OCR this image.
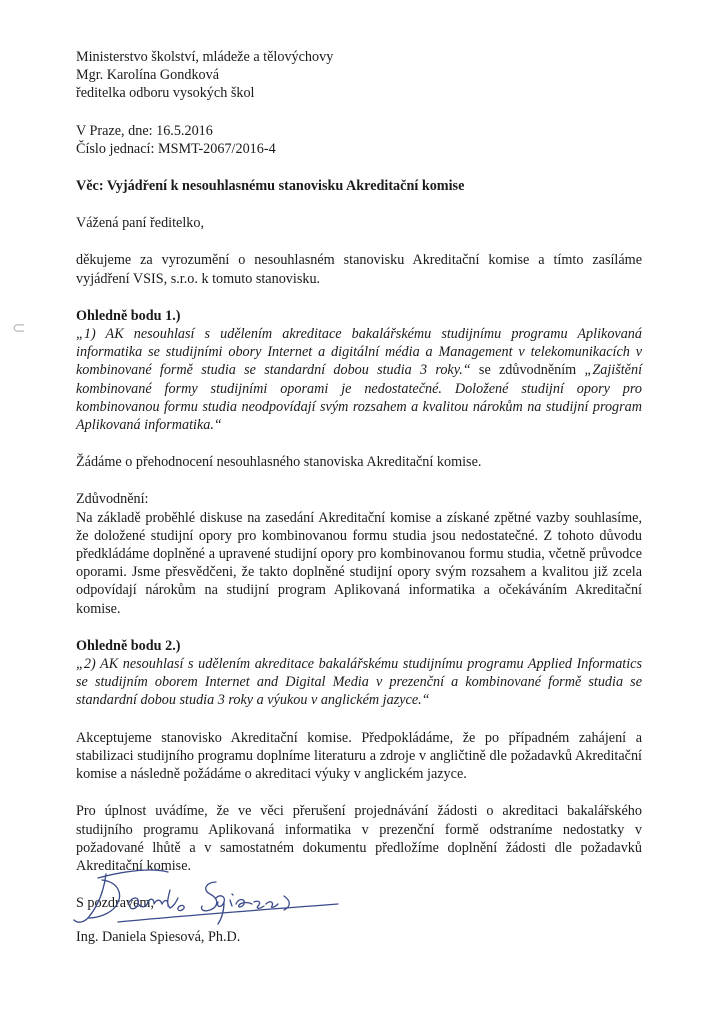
⊂
Ministerstvo školství, mládeže a tělovýchovy
Mgr. Karolína Gondková
ředitelka odboru vysokých škol
V Praze, dne: 16.5.2016
Číslo jednací: MSMT-2067/2016-4
Věc: Vyjádření k nesouhlasnému stanovisku Akreditační komise
Vážená paní ředitelko,

děkujeme za vyrozumění o nesouhlasném stanovisku Akreditační komise a tímto zasíláme vyjádření VSIS, s.r.o. k tomuto stanovisku.

Ohledně bodu 1.)

„1) AK nesouhlasí s udělením akreditace bakalářskému studijnímu programu Aplikovaná informatika se studijními obory Internet a digitální média a Management v telekomunikacích v kombinované formě studia se standardní dobou studia 3 roky.“ se zdůvodněním „Zajištění kombinované formy studijními oporami je nedostatečné. Doložené studijní opory pro kombinovanou formu studia neodpovídají svým rozsahem a kvalitou nárokům na studijní program Aplikovaná informatika.“

Žádáme o přehodnocení nesouhlasného stanoviska Akreditační komise.
Zdůvodnění:

Na základě proběhlé diskuse na zasedání Akreditační komise a získané zpětné vazby souhlasíme, že doložené studijní opory pro kombinovanou formu studia jsou nedostatečné. Z tohoto důvodu předkládáme doplněné a upravené studijní opory pro kombinovanou formu studia, včetně průvodce oporami. Jsme přesvědčeni, že takto doplněné studijní opory svým rozsahem a kvalitou již zcela odpovídají nárokům na studijní program Aplikovaná informatika a očekáváním Akreditační komise.

Ohledně bodu 2.)

„2) AK nesouhlasí s udělením akreditace bakalářskému studijnímu programu Applied Informatics se studijním oborem Internet and Digital Media v prezenční a kombinované formě studia se standardní dobou studia 3 roky a výukou v anglickém jazyce.“

Akceptujeme stanovisko Akreditační komise. Předpokládáme, že po případném zahájení a stabilizaci studijního programu doplníme literaturu a zdroje v angličtině dle požadavků Akreditační komise a následně požádáme o akreditaci výuky v anglickém jazyce.

Pro úplnost uvádíme, že ve věci přerušení projednávání žádosti o akreditaci bakalářského studijního programu Aplikovaná informatika v prezenční formě odstraníme nedostatky v požadované lhůtě a v samostatném dokumentu předložíme doplnění žádosti dle požadavků Akreditační komise.

S pozdravem,
Ing. Daniela Spiesová, Ph.D.
